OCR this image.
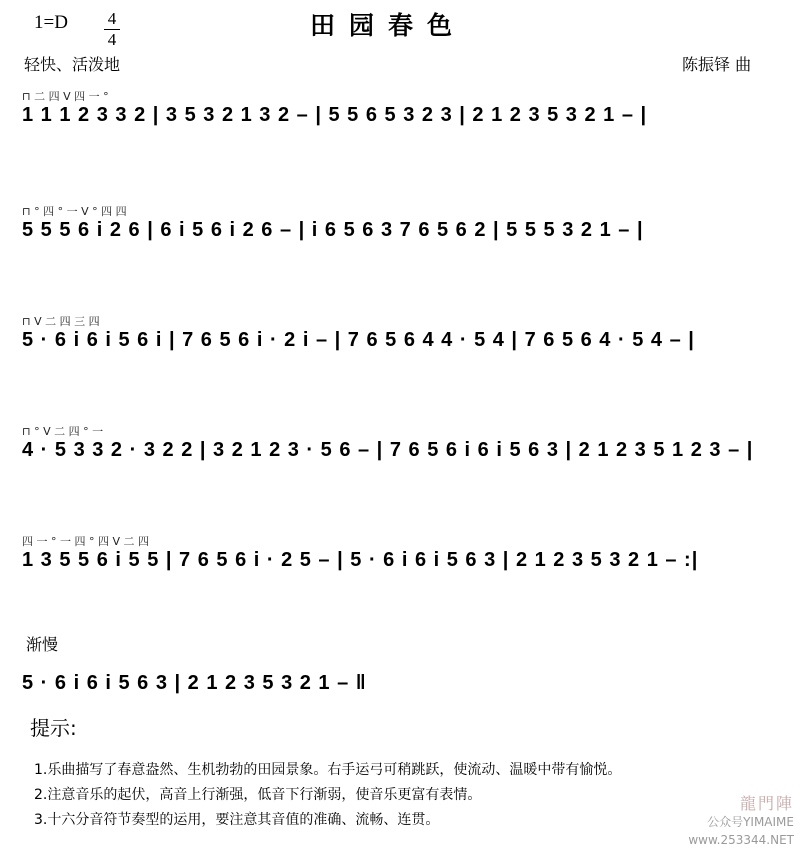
1=D 4
4	田园春色
轻快、活泼地	陈振铎 曲
⊓ 二 四 V 四 一 °
1 1 1 2 3 3 2 | 3 5 3 2 1 3 2 – | 5 5 6 5 3 2 3 | 2 1 2 3 5 3 2 1 – |
⊓ ° 四 ° 一 V ° 四 四
5 5 5 6 i 2 6 | 6 i 5 6 i 2 6 – | i 6 5 6 3 7 6 5 6 2 | 5 5 5 3 2 1 – |
⊓ V 二 四 三 四
5 · 6 i 6 i 5 6 i | 7 6 5 6 i · 2 i – | 7 6 5 6 4 4 · 5 4 | 7 6 5 6 4 · 5 4 – |
⊓ ° V 二 四 ° 一
4 · 5 3 3 2 · 3 2 2 | 3 2 1 2 3 · 5 6 – | 7 6 5 6 i 6 i 5 6 3 | 2 1 2 3 5 1 2 3 – |
四 一 ° 一 四 ° 四 V 二 四
1 3 5 5 6 i 5 5 | 7 6 5 6 i · 2 5 – | 5 · 6 i 6 i 5 6 3 | 2 1 2 3 5 3 2 1 – :|
渐慢
5 · 6 i 6 i 5 6 3 | 2 1 2 3 5 3 2 1 – ‖
提示:
1.乐曲描写了春意盎然、生机勃勃的田园景象。右手运弓可稍跳跃，使流动、温暖中带有愉悦。
2.注意音乐的起伏，高音上行渐强，低音下行渐弱，使音乐更富有表情。
3.十六分音符节奏型的运用，要注意其音值的准确、流畅、连贯。
龍門陣
公众号YIMAIME
www.253344.NET
